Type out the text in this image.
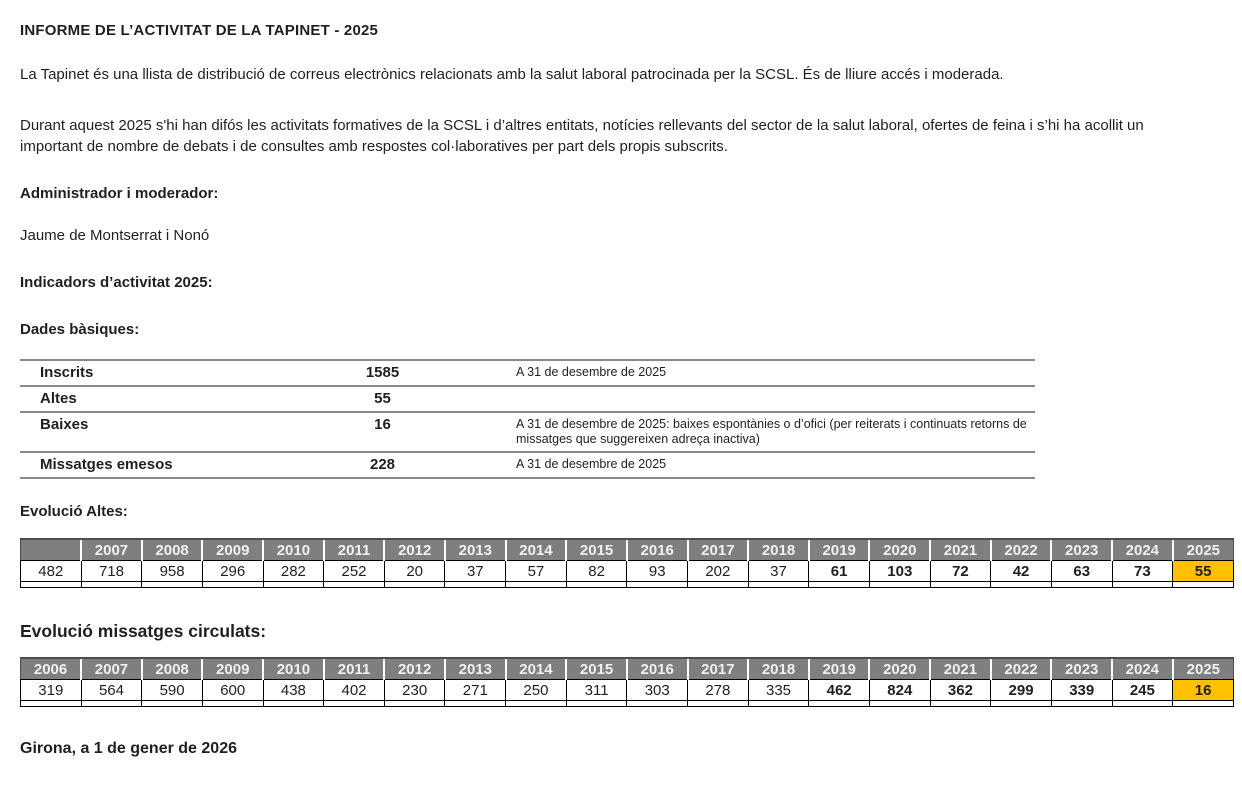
INFORME DE L’ACTIVITAT DE LA TAPINET - 2025

La Tapinet és una llista de distribució de correus electrònics relacionats amb la salut laboral patrocinada per la SCSL. És de lliure accés i moderada.

Durant aquest 2025 s'hi han difós les activitats formatives de la SCSL i d’altres entitats, notícies rellevants del sector de la salut laboral, ofertes de feina i s’hi ha acollit un important de nombre de debats i de consultes amb respostes col·laboratives per part dels propis subscrits.

Administrador i moderador:

Jaume de Montserrat i Nonó

Indicadors d’activitat 2025:

Dades bàsiques:

Inscrits	1585	A 31 de desembre de 2025
Altes	55	
Baixes	16	A 31 de desembre de 2025: baixes espontànies o d’ofici (per reiterats i continuats retorns de missatges que suggereixen adreça inactiva)
Missatges emesos	228	A 31 de desembre de 2025

Evolució Altes:

	2007	2008	2009	2010	2011	2012	2013	2014	2015	2016	2017	2018	2019	2020	2021	2022	2023	2024	2025
482	718	958	296	282	252	20	37	57	82	93	202	37	61	103	72	42	63	73	55

Evolució missatges circulats:

2006	2007	2008	2009	2010	2011	2012	2013	2014	2015	2016	2017	2018	2019	2020	2021	2022	2023	2024	2025
319	564	590	600	438	402	230	271	250	311	303	278	335	462	824	362	299	339	245	16

Girona, a 1 de gener de 2026
